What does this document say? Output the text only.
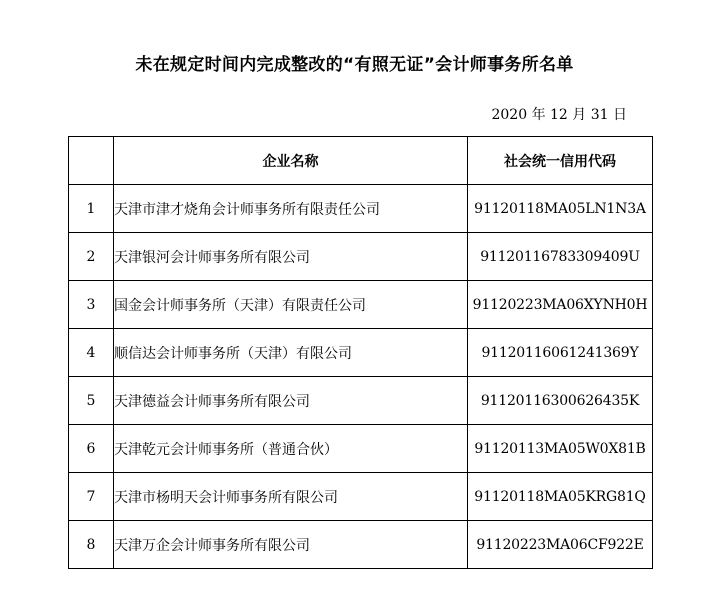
未在规定时间内完成整改的“有照无证”会计师事务所名单
2020 年 12 月 31 日
	企业名称	社会统一信用代码
1	天津市津才烧角会计师事务所有限责任公司	91120118MA05LN1N3A
2	天津银河会计师事务所有限公司	91120116783309409U
3	国金会计师事务所（天津）有限责任公司	91120223MA06XYNH0H
4	顺信达会计师事务所（天津）有限公司	91120116061241369Y
5	天津德益会计师事务所有限公司	91120116300626435K
6	天津乾元会计师事务所（普通合伙）	91120113MA05W0X81B
7	天津市杨明天会计师事务所有限公司	91120118MA05KRG81Q
8	天津万企会计师事务所有限公司	91120223MA06CF922E
